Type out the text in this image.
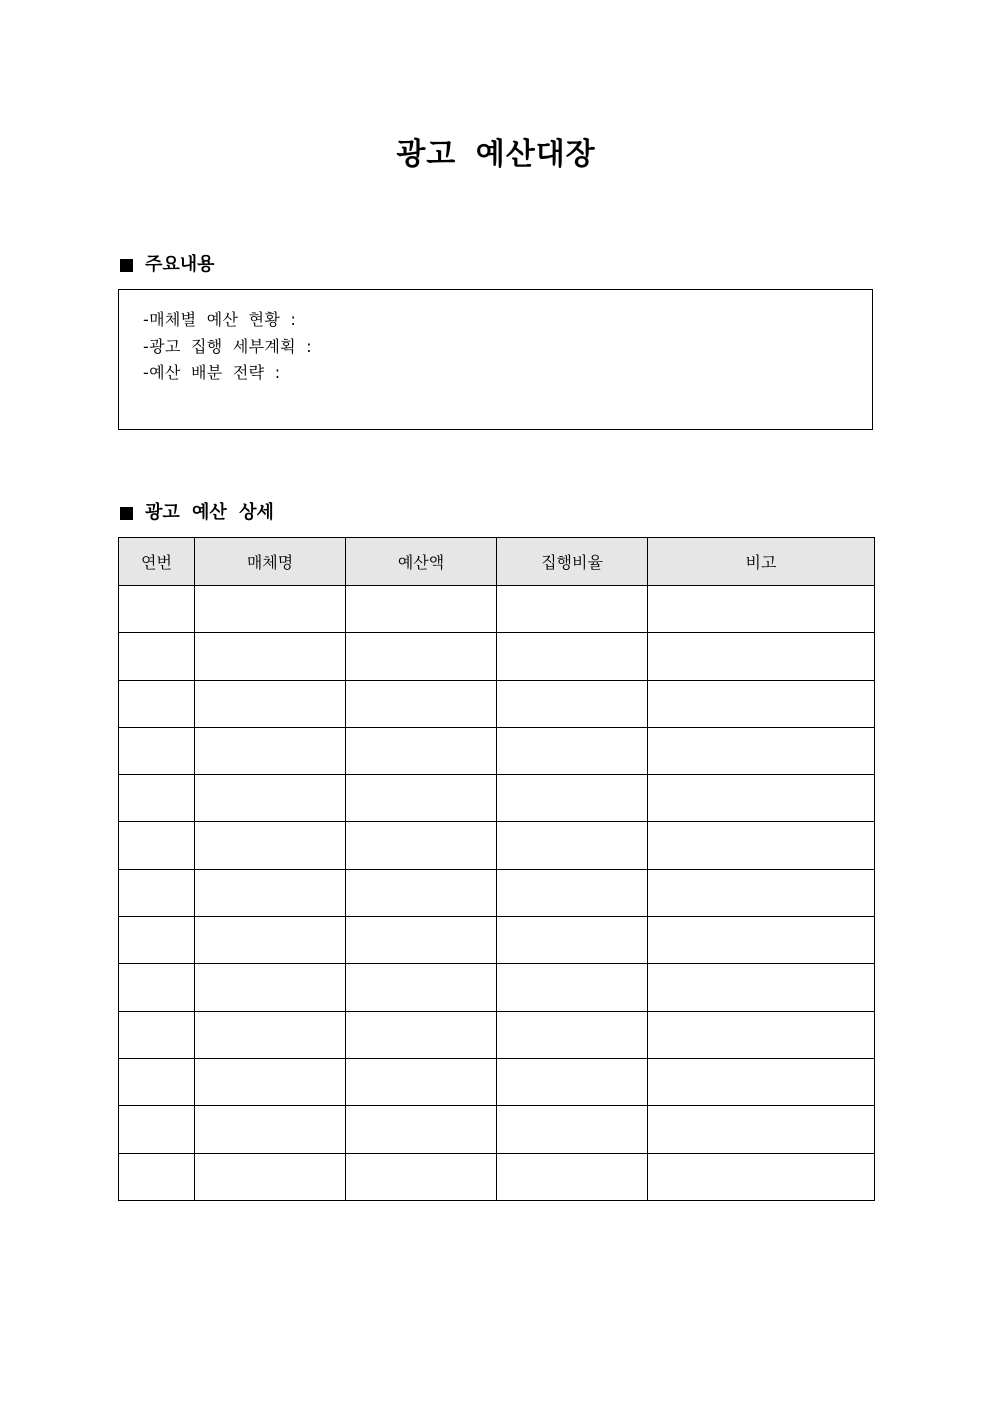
광고 예산대장
주요내용
-매체별 예산 현황 :
-광고 집행 세부계획 :
-예산 배분 전략 :
광고 예산 상세
연번	매체명	예산액	집행비율	비고
